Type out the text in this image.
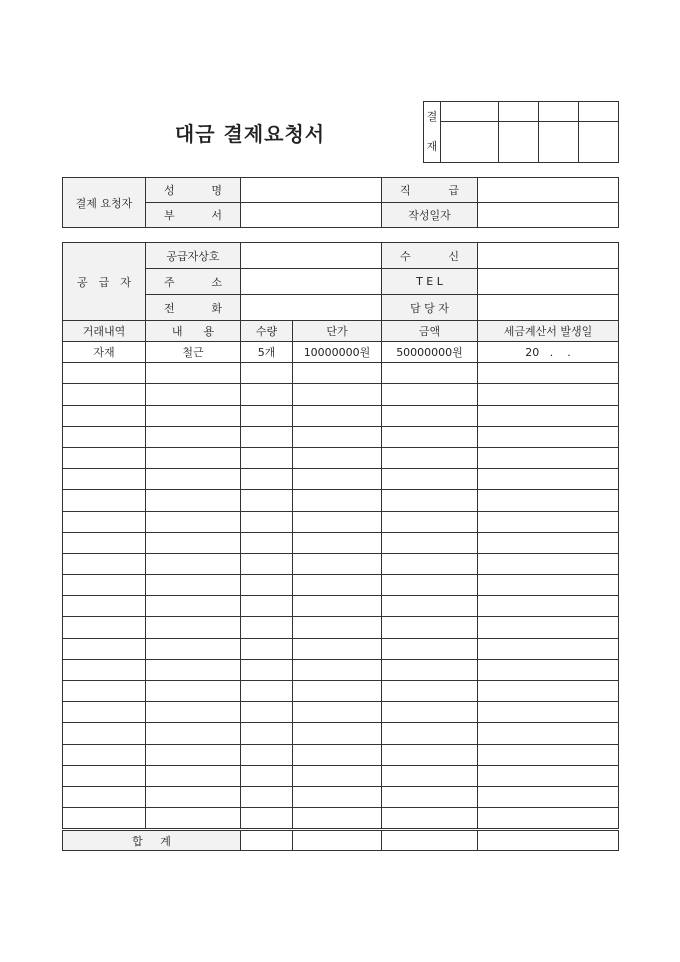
대금 결제요청서
결
재				

결제 요청자	성 명		직 급	

	부 서		작성일자	
공 급 자	공급자상호			수 신	

	주 소			T E L	

	전 화			담 당 자	
거래내역	내      용	수량	단가	금액	세금계산서 발생일
자재	철근	5개	10000000원	50000000원	20   .    .

합     계					
